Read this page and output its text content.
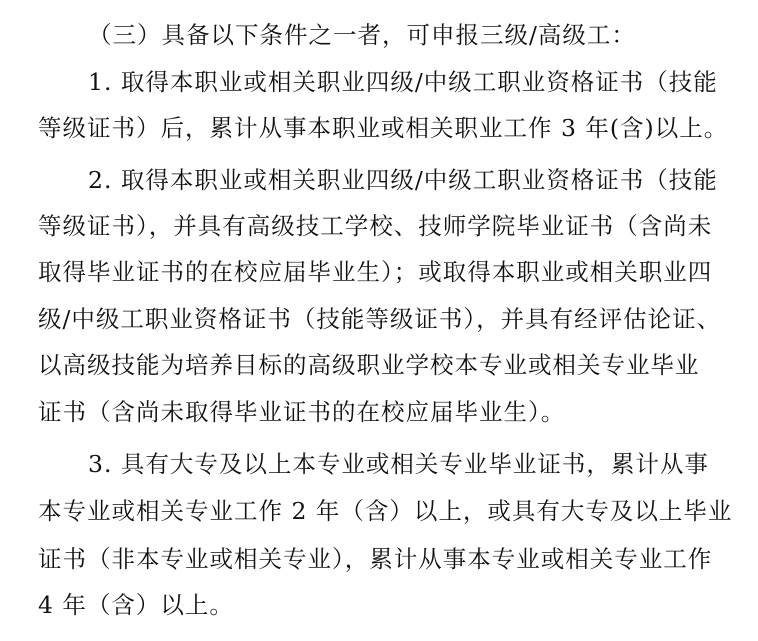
（三）具备以下条件之一者，可申报三级/高级工：
1. 取得本职业或相关职业四级/中级工职业资格证书（技能
等级证书）后，累计从事本职业或相关职业工作 3 年(含)以上。
2. 取得本职业或相关职业四级/中级工职业资格证书（技能
等级证书），并具有高级技工学校、技师学院毕业证书（含尚未
取得毕业证书的在校应届毕业生）；或取得本职业或相关职业四
级/中级工职业资格证书（技能等级证书），并具有经评估论证、
以高级技能为培养目标的高级职业学校本专业或相关专业毕业
证书（含尚未取得毕业证书的在校应届毕业生）。
3. 具有大专及以上本专业或相关专业毕业证书，累计从事
本专业或相关专业工作 2 年（含）以上，或具有大专及以上毕业
证书（非本专业或相关专业），累计从事本专业或相关专业工作
4 年（含）以上。
